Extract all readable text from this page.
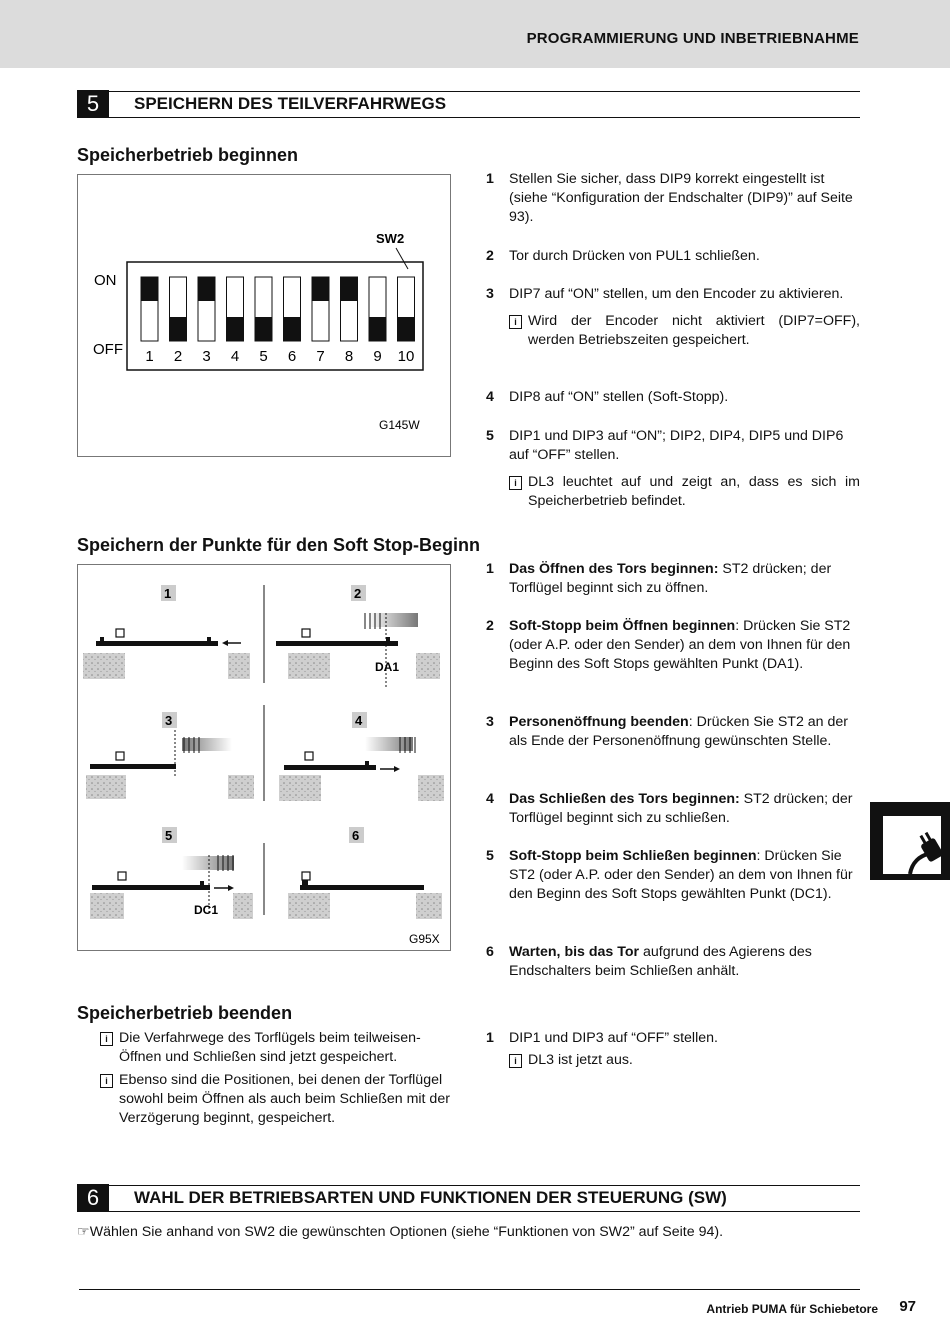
PROGRAMMIERUNG UND INBETRIEBNAHME
5	SPEICHERN DES TEILVERFAHRWEGS
Speicherbetrieb beginnen
SW2
ON
OFF 1 2 3 4 5 6 7 8 9 10
G145W
1 Stellen Sie sicher, dass DIP9 korrekt eingestellt ist (siehe “Konfiguration der Endschalter (DIP9)” auf Seite 93).
2 Tor durch Drücken von PUL1 schließen.
3 DIP7 auf “ON” stellen, um den Encoder zu aktivieren.
i Wird der Encoder nicht aktiviert (DIP7=OFF), werden Betriebszeiten gespeichert.
4 DIP8 auf “ON” stellen (Soft-Stopp).
5 DIP1 und DIP3 auf “ON”; DIP2, DIP4, DIP5 und DIP6 auf “OFF” stellen.
i DL3 leuchtet auf und zeigt an, dass es sich im Speicherbetrieb befindet.
Speichern der Punkte für den Soft Stop-Beginn
1	2
3	4
5	6
DA1
DC1
G95X
1 Das Öffnen des Tors beginnen: ST2 drücken; der Torflügel beginnt sich zu öffnen.
2 Soft-Stopp beim Öffnen beginnen: Drücken Sie ST2 (oder A.P. oder den Sender) an dem von Ihnen für den Beginn des Soft Stops gewählten Punkt (DA1).
3 Personenöffnung beenden: Drücken Sie ST2 an der als Ende der Personenöffnung gewünschten Stelle.
4 Das Schließen des Tors beginnen: ST2 drücken; der Torflügel beginnt sich zu schließen.
5 Soft-Stopp beim Schließen beginnen: Drücken Sie ST2 (oder A.P. oder den Sender) an dem von Ihnen für den Beginn des Soft Stops gewählten Punkt (DC1).
6 Warten, bis das Tor aufgrund des Agierens des Endschalters beim Schließen anhält.
Speicherbetrieb beenden
i Die Verfahrwege des Torflügels beim teilweisen-Öffnen und Schließen sind jetzt gespeichert.
i Ebenso sind die Positionen, bei denen der Torflügel sowohl beim Öffnen als auch beim Schließen mit der Verzögerung beginnt, gespeichert.
1 DIP1 und DIP3 auf “OFF” stellen.
i DL3 ist jetzt aus.
6	WAHL DER BETRIEBSARTEN UND FUNKTIONEN DER STEUERUNG (SW)
☞Wählen Sie anhand von SW2 die gewünschten Optionen (siehe “Funktionen von SW2” auf Seite 94).
Antrieb PUMA für Schiebetore 97
